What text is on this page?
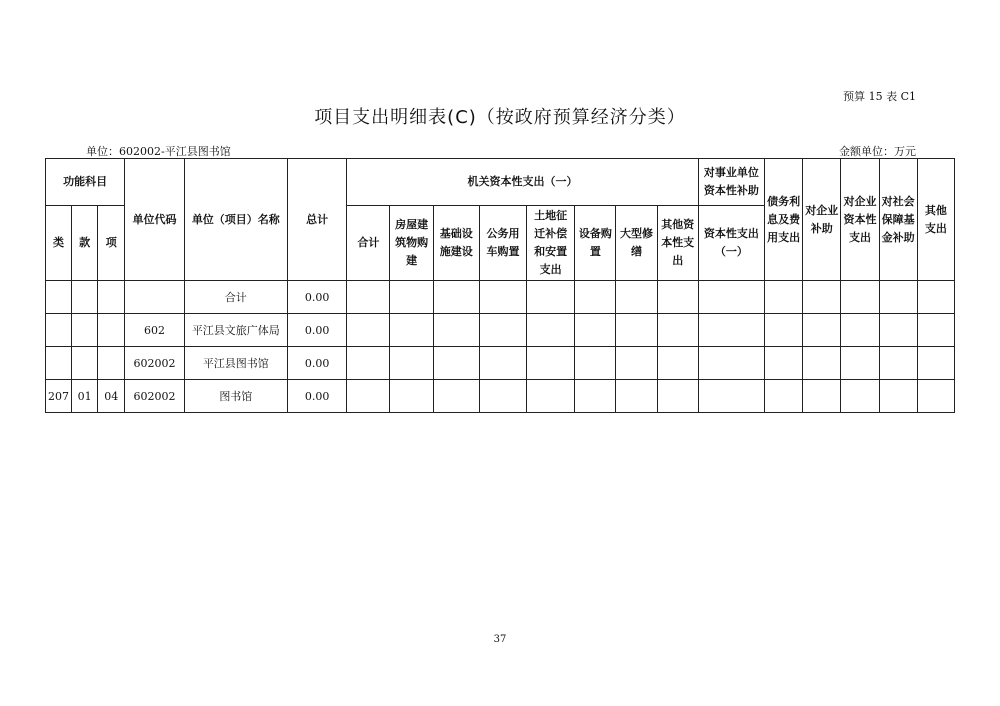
预算 15 表 C1
项目支出明细表(C)（按政府预算经济分类）
单位：602002-平江县图书馆	金额单位：万元
功能科目			单位代码	单位（项目）名称	总计	机关资本性支出（一）								对事业单位资本性补助	债务利息及费用支出	对企业补助	对企业资本性支出	对社会保障基金补助	其他支出
类	款	项				合计	房屋建筑物购建	基础设施建设	公务用车购置	土地征迁补偿和安置支出	设备购置	大型修缮	其他资本性支出	资本性支出（一）					
				合计	0.00														
			602	平江县文旅广体局	0.00														
			602002	平江县图书馆	0.00														
207	01	04	602002	图书馆	0.00														
37
